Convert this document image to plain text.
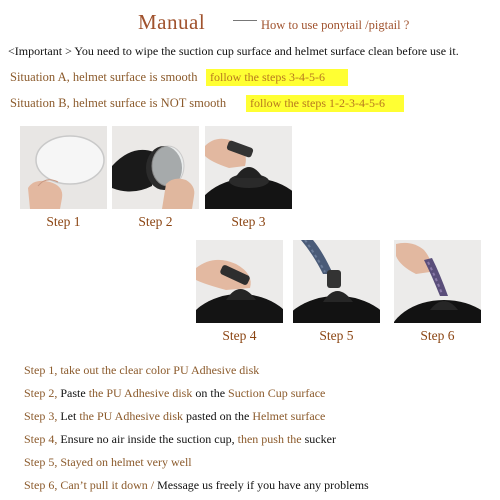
Manual	How to use ponytail /pigtail ?
<Important > You need to wipe the suction cup surface and helmet surface clean before use it.
Situation A, helmet surface is smooth	follow the steps 3-4-5-6
Situation B, helmet surface is NOT smooth	follow the steps 1-2-3-4-5-6
Step 1	Step 2	Step 3
Step 4	Step 5	Step 6
Step 1, take out the clear color PU Adhesive disk
Step 2, Paste the PU Adhesive disk on the Suction Cup surface
Step 3, Let the PU Adhesive disk pasted on the Helmet surface
Step 4, Ensure no air inside the suction cup, then push the sucker
Step 5, Stayed on helmet very well
Step 6, Can’t pull it down / Message us freely if you have any problems
